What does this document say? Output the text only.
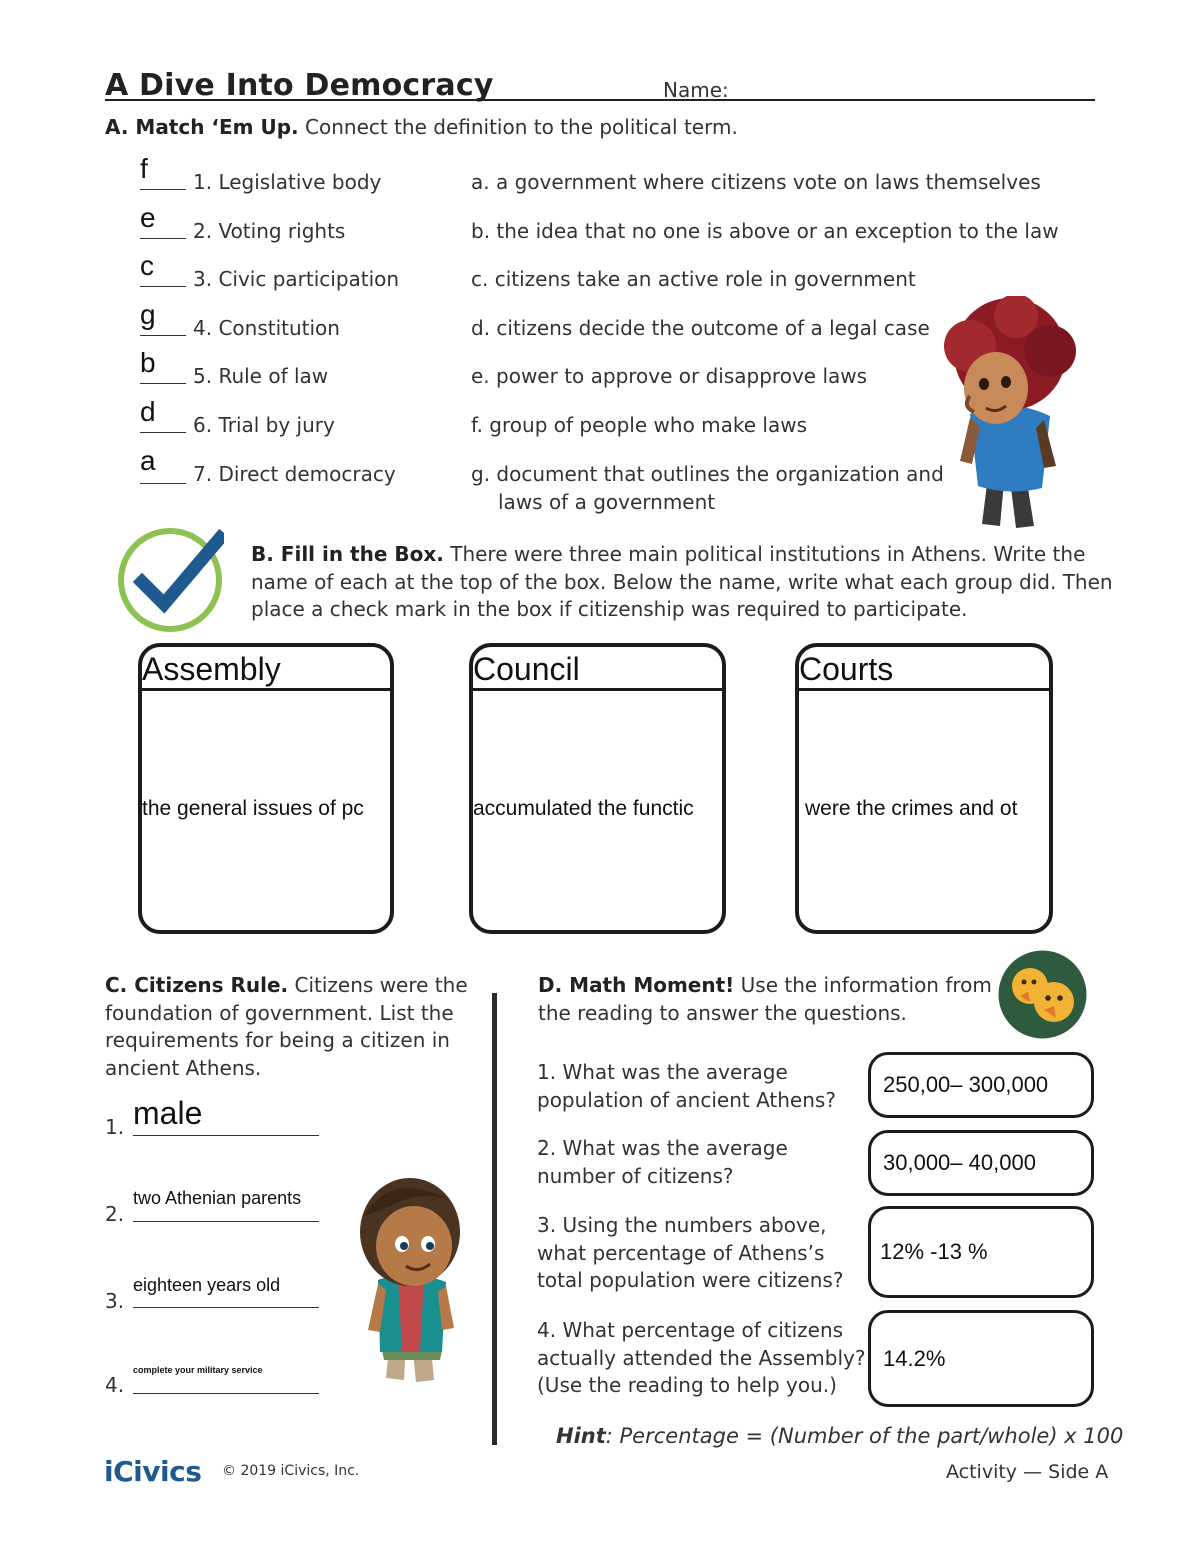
A Dive Into Democracy	Name:
A. Match ‘Em Up. Connect the definition to the political term.
f 1. Legislative body
e 2. Voting rights
c 3. Civic participation
g 4. Constitution
b 5. Rule of law
d 6. Trial by jury
a 7. Direct democracy
a. a government where citizens vote on laws themselves
b. the idea that no one is above or an exception to the law
c. citizens take an active role in government
d. citizens decide the outcome of a legal case
e. power to approve or disapprove laws
f. group of people who make laws
g. document that outlines the organization and
laws of a government
B. Fill in the Box. There were three main political institutions in Athens. Write the
name of each at the top of the box. Below the name, write what each group did. Then
place a check mark in the box if citizenship was required to participate.
Assembly
the general issues of pc
Council
accumulated the functic
Courts
were the crimes and ot
C. Citizens Rule. Citizens were the
foundation of government. List the
requirements for being a citizen in
ancient Athens.
1. male
2.
two Athenian parents
3.
eighteen years old
4.
complete your military service
D. Math Moment! Use the information from
the reading to answer the questions.
1. What was the average
population of ancient Athens?
250,00– 300,000
2. What was the average
number of citizens?
30,000– 40,000
3. Using the numbers above,
what percentage of Athens’s
total population were citizens?
12% -13 %
4. What percentage of citizens
actually attended the Assembly?
(Use the reading to help you.)
14.2%
Hint: Percentage = (Number of the part/whole) x 100
iCivics © 2019 iCivics, Inc.	Activity — Side A
